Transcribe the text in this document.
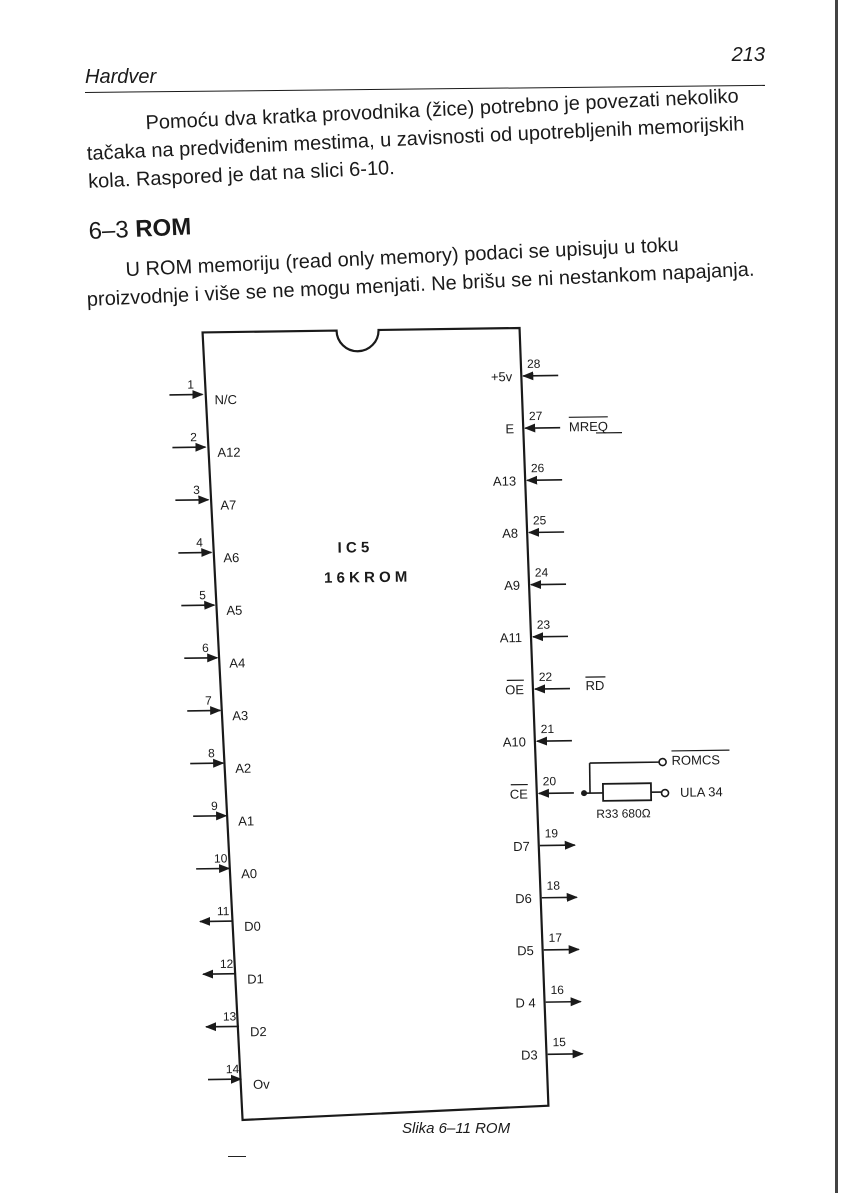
213
Hardver
Pomoću dva kratka provodnika (žice) potrebno je povezati nekoliko tačaka na predviđenim mestima, u zavisnosti od upotrebljenih memorijskih kola. Raspored je dat na slici 6-10.
6–3 ROM
U ROM memoriju (read only memory) podaci se upisuju u toku proizvodnje i više se ne mogu menjati. Ne brišu se ni nestankom napajanja.
I C 5
1 6 K R O M
1
N/C
2
A12
3
A7
4
A6
5
A5
6
A4
7
A3
8
A2
9
A1
10
A0
11
D0
12
D1
13
D2
14
Ov
28
+5v
27
E
26
A13
25
A8
24
A9
23
A11
22
OE
21
A10
20
CE
19
D7
18
D6
17
D5
16
D 4
15
D3
MREQ
RD
ROMCS
ULA 34
R33 680Ω
Slika 6–11 ROM
